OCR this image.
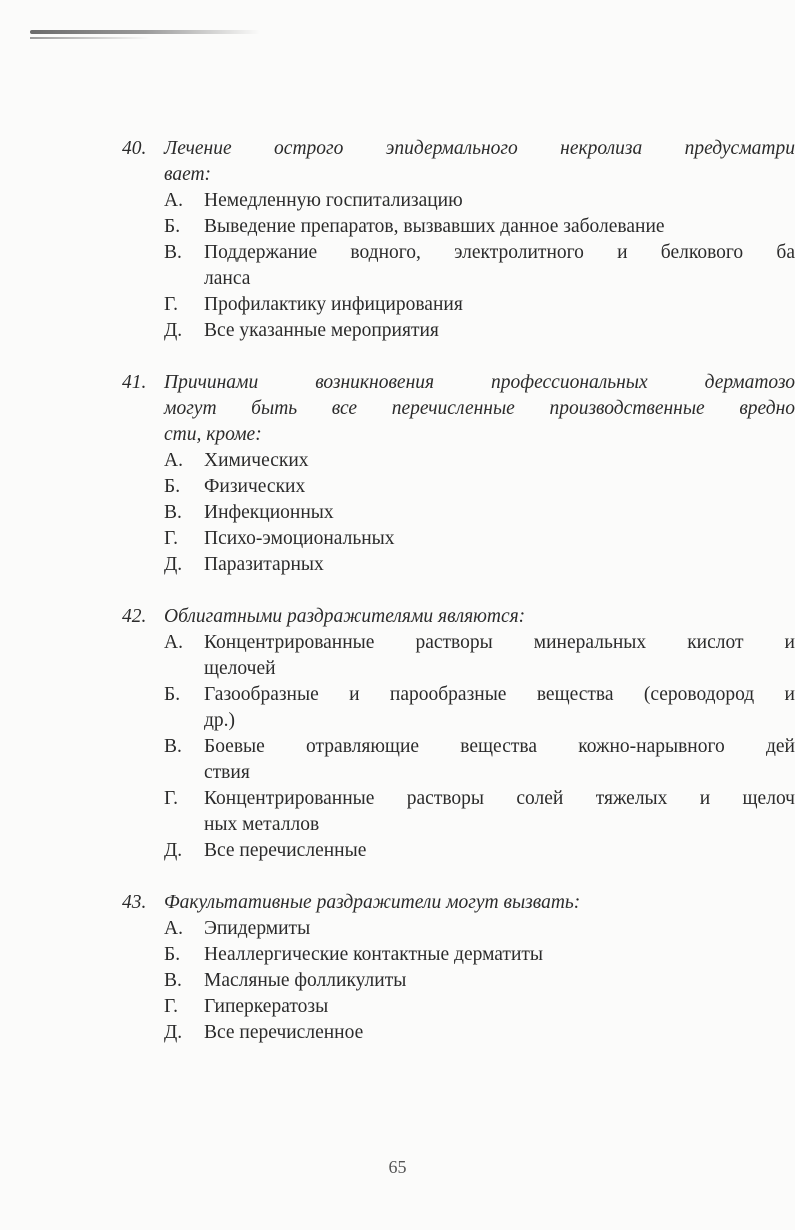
40. Лечение острого эпидермального некролиза предусматри
вает:
А.	Немедленную госпитализацию
Б.	Выведение препаратов, вызвавших данное заболевание
В.	Поддержание водного, электролитного и белкового ба
ланса
Г.	Профилактику инфицирования
Д.	Все указанные мероприятия
41. Причинами возникновения профессиональных дерматозо
могут быть все перечисленные производственные вредно
сти, кроме:
А.	Химических
Б.	Физических
В.	Инфекционных
Г.	Психо-эмоциональных
Д.	Паразитарных
42. Облигатными раздражителями являются:
А.	Концентрированные растворы минеральных кислот и
щелочей
Б.	Газообразные и парообразные вещества (сероводород и
др.)
В.	Боевые отравляющие вещества кожно-нарывного дей
ствия
Г.	Концентрированные растворы солей тяжелых и щелоч
ных металлов
Д.	Все перечисленные
43. Факультативные раздражители могут вызвать:
А.	Эпидермиты
Б.	Неаллергические контактные дерматиты
В.	Масляные фолликулиты
Г.	Гиперкератозы
Д.	Все перечисленное
65
